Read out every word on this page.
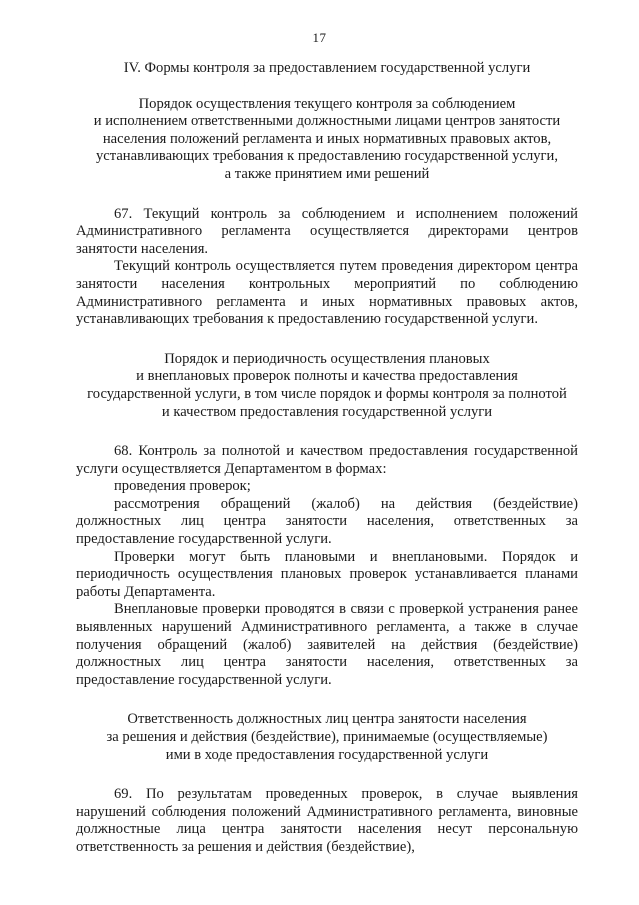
17
IV. Формы контроля за предоставлением государственной услуги
Порядок осуществления текущего контроля за соблюдением
и исполнением ответственными должностными лицами центров занятости
населения положений регламента и иных нормативных правовых актов,
устанавливающих требования к предоставлению государственной услуги,
а также принятием ими решений

67. Текущий контроль за соблюдением и исполнением положений Административного регламента осуществляется директорами центров занятости населения.

Текущий контроль осуществляется путем проведения директором центра занятости населения контрольных мероприятий по соблюдению Административного регламента и иных нормативных правовых актов, устанавливающих требования к предоставлению государственной услуги.

Порядок и периодичность осуществления плановых
и внеплановых проверок полноты и качества предоставления
государственной услуги, в том числе порядок и формы контроля за полнотой
и качеством предоставления государственной услуги

68. Контроль за полнотой и качеством предоставления государственной услуги осуществляется Департаментом в формах:

проведения проверок;

рассмотрения обращений (жалоб) на действия (бездействие) должностных лиц центра занятости населения, ответственных за предоставление государственной услуги.

Проверки могут быть плановыми и внеплановыми. Порядок и периодичность осуществления плановых проверок устанавливается планами работы Департамента.

Внеплановые проверки проводятся в связи с проверкой устранения ранее выявленных нарушений Административного регламента, а также в случае получения обращений (жалоб) заявителей на действия (бездействие) должностных лиц центра занятости населения, ответственных за предоставление государственной услуги.

Ответственность должностных лиц центра занятости населения
за решения и действия (бездействие), принимаемые (осуществляемые)
ими в ходе предоставления государственной услуги

69. По результатам проведенных проверок, в случае выявления нарушений соблюдения положений Административного регламента, виновные должностные лица центра занятости населения несут персональную ответственность за решения и действия (бездействие),
